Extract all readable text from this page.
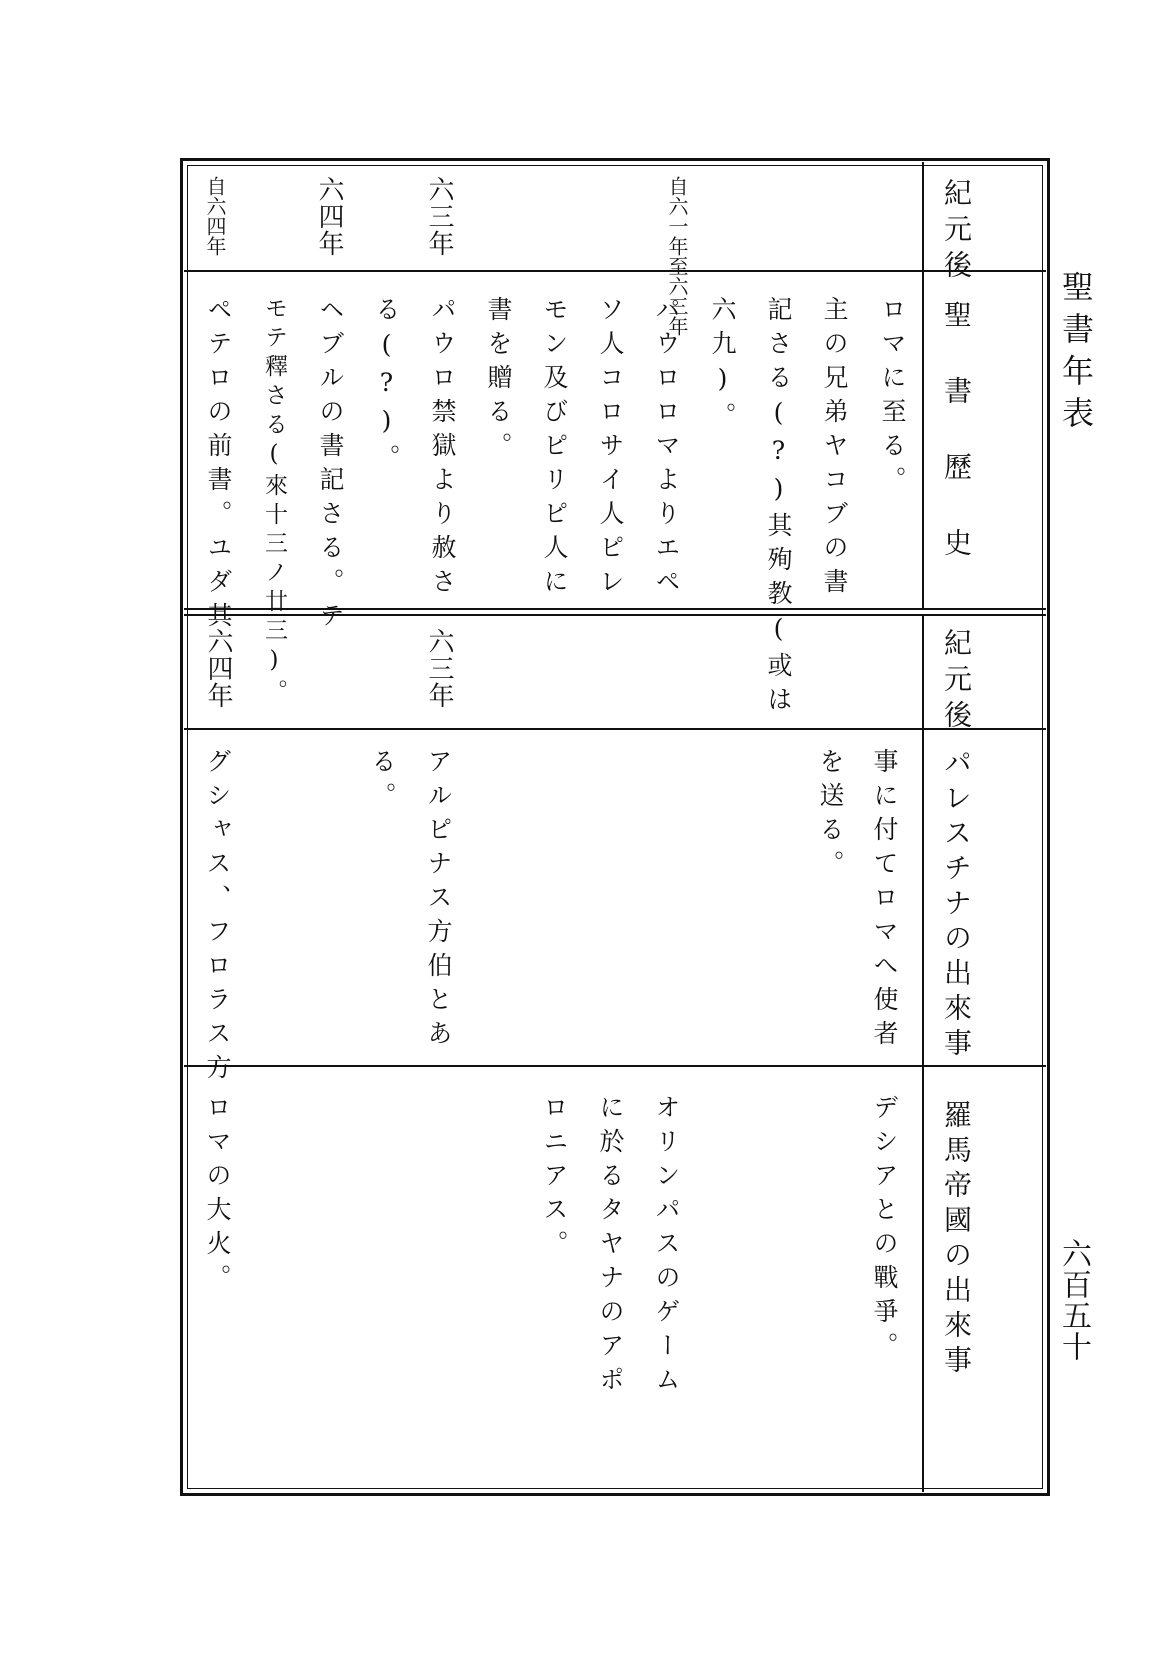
聖書年表
六百五十
紀元後
聖書歷史
自六一年至六三年
六三年
六四年
自六四年
ロマに至る。
主の兄弟ヤコブの書
記さる(?)其殉教(或は
六九)。
パウロロマよりエペ
ソ人コロサイ人ピレ
モン及びピリピ人に
書を贈る。
パウロ禁獄より赦さ
る(?)。
ヘブルの書記さる。テ
モテ釋さる(來十三ノ廿三)。
ペテロの前書。ユダ其
紀元後
パレスチナの出來事
羅馬帝國の出來事
六三年
六四年
事に付てロマへ使者
を送る。
アルピナス方伯とあ
る。
グシャス、フロラス方
デシアとの戰爭。
オリンパスのゲーム
に於るタヤナのアポ
ロニアス。
ロマの大火。
